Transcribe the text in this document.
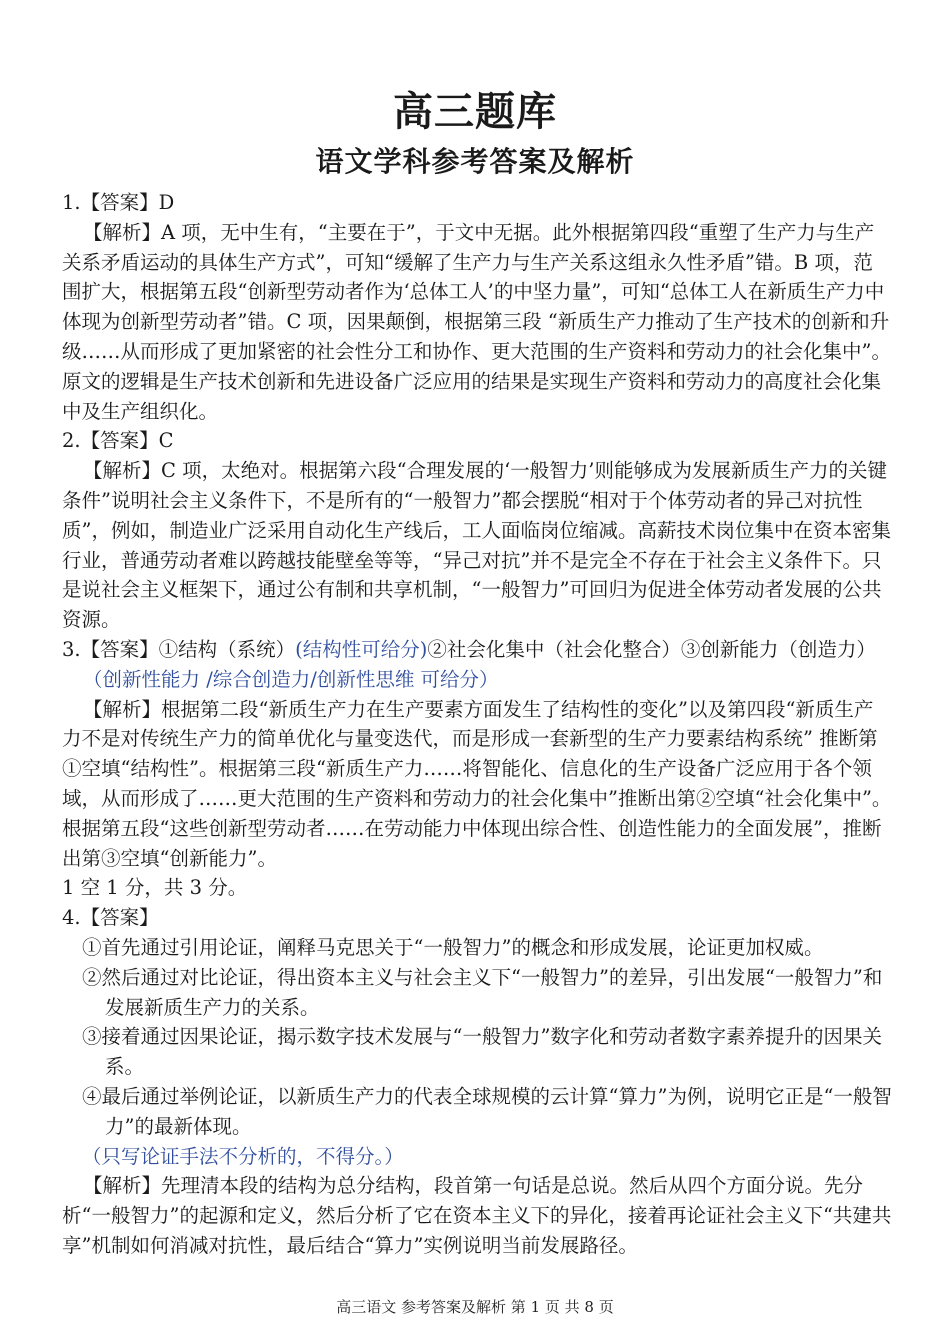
高三题库
语文学科参考答案及解析

1.【答案】D

【解析】A 项，无中生有，“主要在于”，于文中无据。此外根据第四段“重塑了生产力与生产关系矛盾运动的具体生产方式”，可知“缓解了生产力与生产关系这组永久性矛盾”错。B 项，范围扩大，根据第五段“创新型劳动者作为‘总体工人’的中坚力量”，可知“总体工人在新质生产力中体现为创新型劳动者”错。C 项，因果颠倒，根据第三段 “新质生产力推动了生产技术的创新和升级……从而形成了更加紧密的社会性分工和协作、更大范围的生产资料和劳动力的社会化集中”。原文的逻辑是生产技术创新和先进设备广泛应用的结果是实现生产资料和劳动力的高度社会化集中及生产组织化。

2.【答案】C

【解析】C 项，太绝对。根据第六段“合理发展的‘一般智力’则能够成为发展新质生产力的关键条件”说明社会主义条件下，不是所有的“一般智力”都会摆脱“相对于个体劳动者的异己对抗性质”，例如，制造业广泛采用自动化生产线后，工人面临岗位缩减。高薪技术岗位集中在资本密集行业，普通劳动者难以跨越技能壁垒等等，“异己对抗”并不是完全不存在于社会主义条件下。只是说社会主义框架下，通过公有制和共享机制，“一般智力”可回归为促进全体劳动者发展的公共资源。

3.【答案】①结构（系统）(结构性可给分)②社会化集中（社会化整合）③创新能力（创造力）（创新性能力 /综合创造力/创新性思维 可给分）

【解析】根据第二段“新质生产力在生产要素方面发生了结构性的变化”以及第四段“新质生产力不是对传统生产力的简单优化与量变迭代，而是形成一套新型的生产力要素结构系统” 推断第①空填“结构性”。根据第三段“新质生产力……将智能化、信息化的生产设备广泛应用于各个领域，从而形成了……更大范围的生产资料和劳动力的社会化集中”推断出第②空填“社会化集中”。根据第五段“这些创新型劳动者……在劳动能力中体现出综合性、创造性能力的全面发展”，推断出第③空填“创新能力”。

1 空 1 分，共 3 分。

4.【答案】

①首先通过引用论证，阐释马克思关于“一般智力”的概念和形成发展，论证更加权威。

②然后通过对比论证，得出资本主义与社会主义下“一般智力”的差异，引出发展“一般智力”和发展新质生产力的关系。

③接着通过因果论证，揭示数字技术发展与“一般智力”数字化和劳动者数字素养提升的因果关系。

④最后通过举例论证，以新质生产力的代表全球规模的云计算“算力”为例，说明它正是“一般智力”的最新体现。

（只写论证手法不分析的，不得分。）

【解析】先理清本段的结构为总分结构，段首第一句话是总说。然后从四个方面分说。先分析“一般智力”的起源和定义，然后分析了它在资本主义下的异化，接着再论证社会主义下“共建共享”机制如何消减对抗性，最后结合“算力”实例说明当前发展路径。

高三语文 参考答案及解析 第 1 页 共 8 页
